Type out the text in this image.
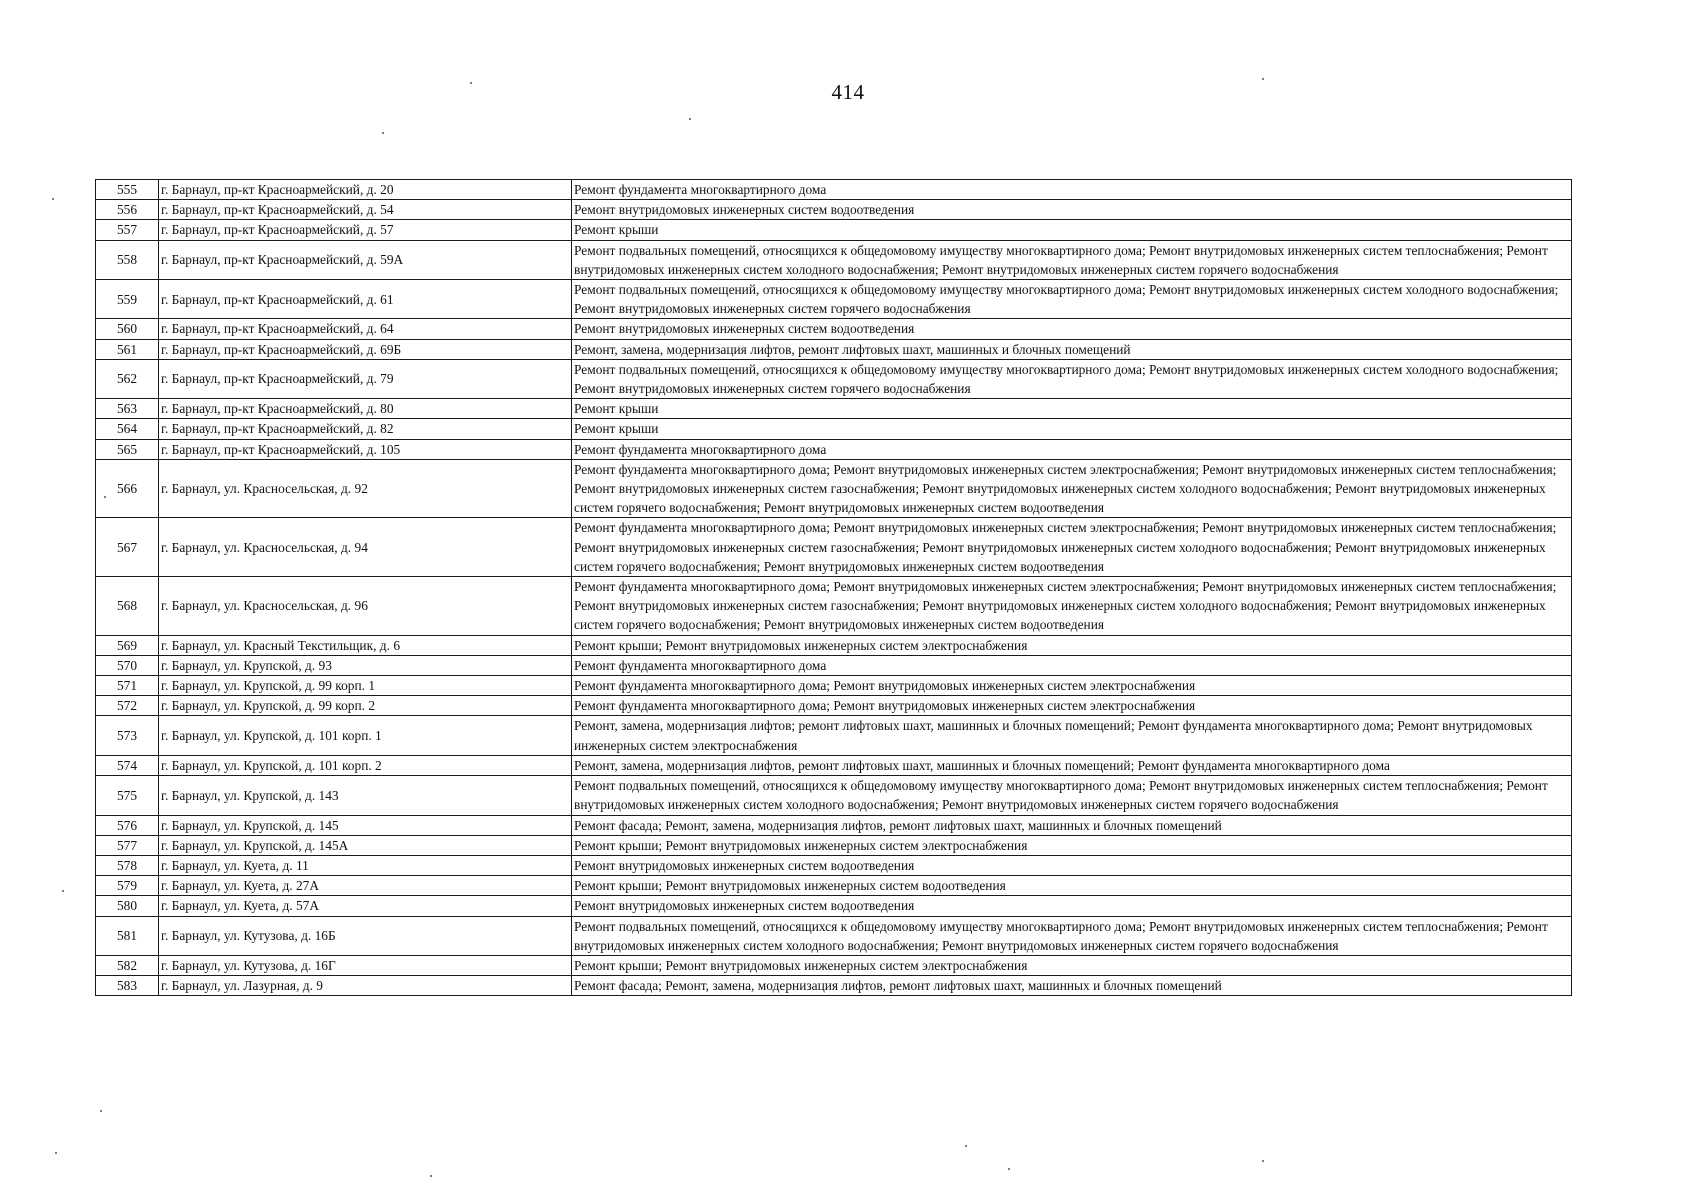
414
555	г. Барнаул, пр-кт Красноармейский, д. 20	Ремонт фундамента многоквартирного дома
556	г. Барнаул, пр-кт Красноармейский, д. 54	Ремонт внутридомовых инженерных систем водоотведения
557	г. Барнаул, пр-кт Красноармейский, д. 57	Ремонт крыши
558	г. Барнаул, пр-кт Красноармейский, д. 59А	Ремонт подвальных помещений, относящихся к общедомовому имуществу многоквартирного дома; Ремонт внутридомовых инженерных систем теплоснабжения; Ремонт внутридомовых инженерных систем холодного водоснабжения; Ремонт внутридомовых инженерных систем горячего водоснабжения
559	г. Барнаул, пр-кт Красноармейский, д. 61	Ремонт подвальных помещений, относящихся к общедомовому имуществу многоквартирного дома; Ремонт внутридомовых инженерных систем холодного водоснабжения; Ремонт внутридомовых инженерных систем горячего водоснабжения
560	г. Барнаул, пр-кт Красноармейский, д. 64	Ремонт внутридомовых инженерных систем водоотведения
561	г. Барнаул, пр-кт Красноармейский, д. 69Б	Ремонт, замена, модернизация лифтов, ремонт лифтовых шахт, машинных и блочных помещений
562	г. Барнаул, пр-кт Красноармейский, д. 79	Ремонт подвальных помещений, относящихся к общедомовому имуществу многоквартирного дома; Ремонт внутридомовых инженерных систем холодного водоснабжения; Ремонт внутридомовых инженерных систем горячего водоснабжения
563	г. Барнаул, пр-кт Красноармейский, д. 80	Ремонт крыши
564	г. Барнаул, пр-кт Красноармейский, д. 82	Ремонт крыши
565	г. Барнаул, пр-кт Красноармейский, д. 105	Ремонт фундамента многоквартирного дома
566	г. Барнаул, ул. Красносельская, д. 92	Ремонт фундамента многоквартирного дома; Ремонт внутридомовых инженерных систем электроснабжения; Ремонт внутридомовых инженерных систем теплоснабжения; Ремонт внутридомовых инженерных систем газоснабжения; Ремонт внутридомовых инженерных систем холодного водоснабжения; Ремонт внутридомовых инженерных систем горячего водоснабжения; Ремонт внутридомовых инженерных систем водоотведения
567	г. Барнаул, ул. Красносельская, д. 94	Ремонт фундамента многоквартирного дома; Ремонт внутридомовых инженерных систем электроснабжения; Ремонт внутридомовых инженерных систем теплоснабжения; Ремонт внутридомовых инженерных систем газоснабжения; Ремонт внутридомовых инженерных систем холодного водоснабжения; Ремонт внутридомовых инженерных систем горячего водоснабжения; Ремонт внутридомовых инженерных систем водоотведения
568	г. Барнаул, ул. Красносельская, д. 96	Ремонт фундамента многоквартирного дома; Ремонт внутридомовых инженерных систем электроснабжения; Ремонт внутридомовых инженерных систем теплоснабжения; Ремонт внутридомовых инженерных систем газоснабжения; Ремонт внутридомовых инженерных систем холодного водоснабжения; Ремонт внутридомовых инженерных систем горячего водоснабжения; Ремонт внутридомовых инженерных систем водоотведения
569	г. Барнаул, ул. Красный Текстильщик, д. 6	Ремонт крыши; Ремонт внутридомовых инженерных систем электроснабжения
570	г. Барнаул, ул. Крупской, д. 93	Ремонт фундамента многоквартирного дома
571	г. Барнаул, ул. Крупской, д. 99 корп. 1	Ремонт фундамента многоквартирного дома; Ремонт внутридомовых инженерных систем электроснабжения
572	г. Барнаул, ул. Крупской, д. 99 корп. 2	Ремонт фундамента многоквартирного дома; Ремонт внутридомовых инженерных систем электроснабжения
573	г. Барнаул, ул. Крупской, д. 101 корп. 1	Ремонт, замена, модернизация лифтов; ремонт лифтовых шахт, машинных и блочных помещений; Ремонт фундамента многоквартирного дома; Ремонт внутридомовых инженерных систем электроснабжения
574	г. Барнаул, ул. Крупской, д. 101 корп. 2	Ремонт, замена, модернизация лифтов, ремонт лифтовых шахт, машинных и блочных помещений; Ремонт фундамента многоквартирного дома
575	г. Барнаул, ул. Крупской, д. 143	Ремонт подвальных помещений, относящихся к общедомовому имуществу многоквартирного дома; Ремонт внутридомовых инженерных систем теплоснабжения; Ремонт внутридомовых инженерных систем холодного водоснабжения; Ремонт внутридомовых инженерных систем горячего водоснабжения
576	г. Барнаул, ул. Крупской, д. 145	Ремонт фасада; Ремонт, замена, модернизация лифтов, ремонт лифтовых шахт, машинных и блочных помещений
577	г. Барнаул, ул. Крупской, д. 145А	Ремонт крыши; Ремонт внутридомовых инженерных систем электроснабжения
578	г. Барнаул, ул. Куета, д. 11	Ремонт внутридомовых инженерных систем водоотведения
579	г. Барнаул, ул. Куета, д. 27А	Ремонт крыши; Ремонт внутридомовых инженерных систем водоотведения
580	г. Барнаул, ул. Куета, д. 57А	Ремонт внутридомовых инженерных систем водоотведения
581	г. Барнаул, ул. Кутузова, д. 16Б	Ремонт подвальных помещений, относящихся к общедомовому имуществу многоквартирного дома; Ремонт внутридомовых инженерных систем теплоснабжения; Ремонт внутридомовых инженерных систем холодного водоснабжения; Ремонт внутридомовых инженерных систем горячего водоснабжения
582	г. Барнаул, ул. Кутузова, д. 16Г	Ремонт крыши; Ремонт внутридомовых инженерных систем электроснабжения
583	г. Барнаул, ул. Лазурная, д. 9	Ремонт фасада; Ремонт, замена, модернизация лифтов, ремонт лифтовых шахт, машинных и блочных помещений
